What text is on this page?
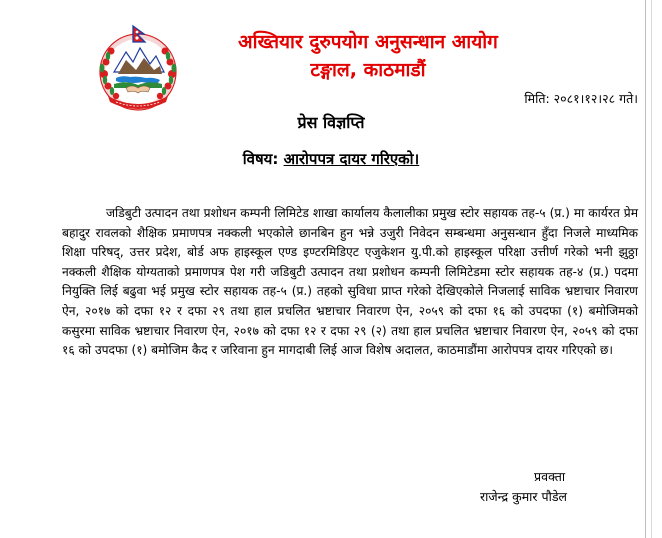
अख्तियार दुरुपयोग अनुसन्धान आयोग
टङ्गाल, काठमाडौं
मिति: २०८१।१२।२८ गते।
प्रेस विज्ञप्ति
विषय: आरोपपत्र दायर गरिएको।
जडिबुटी उत्पादन तथा प्रशोधन कम्पनी लिमिटेड शाखा कार्यालय कैलालीका प्रमुख स्टोर सहायक तह-५ (प्र.) मा कार्यरत प्रेम बहादुर रावलको शैक्षिक प्रमाणपत्र नक्कली भएकोले छानबिन हुन भन्ने उजुरी निवेदन सम्बन्धमा अनुसन्धान हुँदा निजले माध्यमिक शिक्षा परिषद्, उत्तर प्रदेश, बोर्ड अफ हाइस्कूल एण्ड इण्टरमिडिएट एजुकेशन यु.पी.को हाइस्कूल परिक्षा उत्तीर्ण गरेको भनी झुठ्ठा नक्कली शैक्षिक योग्यताको प्रमाणपत्र पेश गरी जडिबुटी उत्पादन तथा प्रशोधन कम्पनी लिमिटेडमा स्टोर सहायक तह-४ (प्र.) पदमा नियुक्ति लिई बढुवा भई प्रमुख स्टोर सहायक तह-५ (प्र.) तहको सुविधा प्राप्त गरेको देखिएकोले निजलाई साविक भ्रष्टाचार निवारण ऐन, २०१७ को दफा १२ र दफा २९ तथा हाल प्रचलित भ्रष्टाचार निवारण ऐन, २०५९ को दफा १६ को उपदफा (१) बमोजिमको कसुरमा साविक भ्रष्टाचार निवारण ऐन, २०१७ को दफा १२ र दफा २९ (२) तथा हाल प्रचलित भ्रष्टाचार निवारण ऐन, २०५९ को दफा १६ को उपदफा (१) बमोजिम कैद र जरिवाना हुन मागदाबी लिई आज विशेष अदालत, काठमाडौंमा आरोपपत्र दायर गरिएको छ।
प्रवक्ता
राजेन्द्र कुमार पौडेल
